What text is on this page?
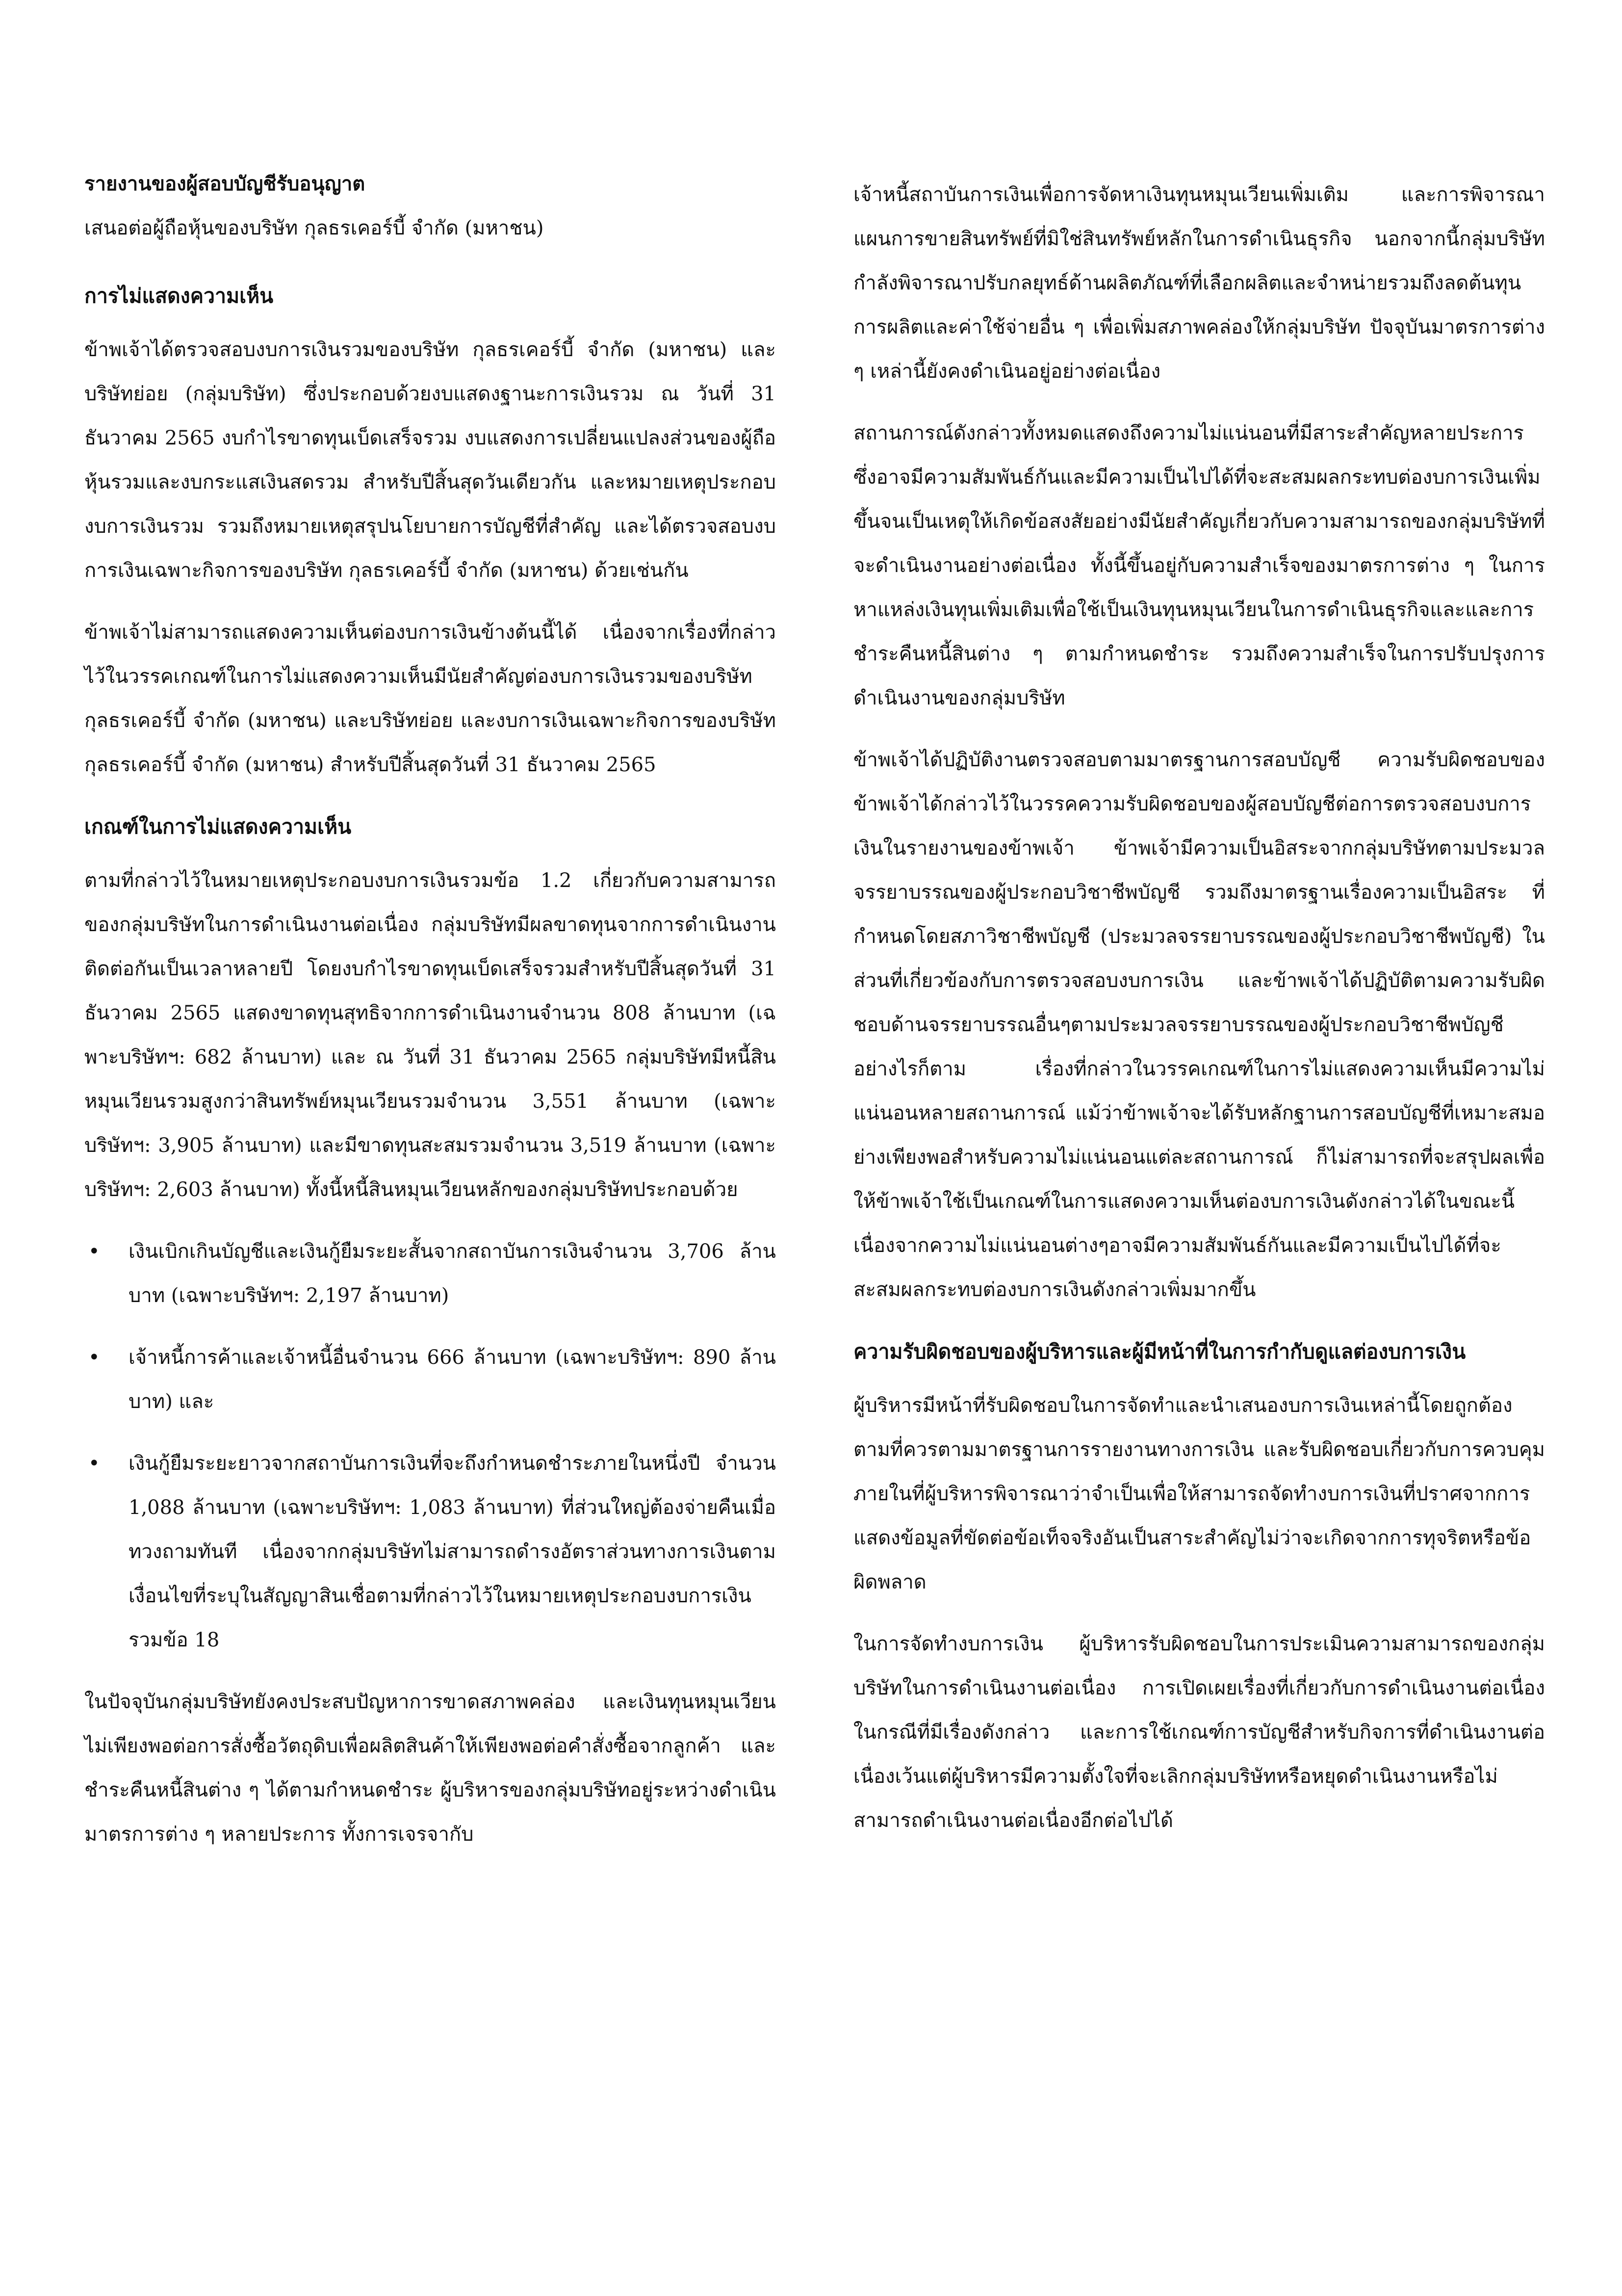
รายงานของผู้สอบบัญชีรับอนุญาต

เสนอต่อผู้ถือหุ้นของบริษัท กุลธรเคอร์บี้ จำกัด (มหาชน)

การไม่แสดงความเห็น

ข้าพเจ้าได้ตรวจสอบงบการเงินรวมของบริษัท กุลธรเคอร์บี้ จำกัด (มหาชน) และบริษัทย่อย (กลุ่มบริษัท) ซึ่งประกอบด้วยงบแสดงฐานะการเงินรวม ณ วันที่ 31 ธันวาคม 2565 งบกำไรขาดทุนเบ็ดเสร็จรวม งบแสดงการเปลี่ยนแปลงส่วนของผู้ถือหุ้นรวมและงบกระแสเงินสดรวม สำหรับปีสิ้นสุดวันเดียวกัน และหมายเหตุประกอบงบการเงินรวม รวมถึงหมายเหตุสรุปนโยบายการบัญชีที่สำคัญ และได้ตรวจสอบงบการเงินเฉพาะกิจการของบริษัท กุลธรเคอร์บี้ จำกัด (มหาชน) ด้วยเช่นกัน

ข้าพเจ้าไม่สามารถแสดงความเห็นต่องบการเงินข้างต้นนี้ได้ เนื่องจากเรื่องที่กล่าวไว้ในวรรคเกณฑ์ในการไม่แสดงความเห็นมีนัยสำคัญต่องบการเงินรวมของบริษัท กุลธรเคอร์บี้ จำกัด (มหาชน) และบริษัทย่อย และงบการเงินเฉพาะกิจการของบริษัท กุลธรเคอร์บี้ จำกัด (มหาชน) สำหรับปีสิ้นสุดวันที่ 31 ธันวาคม 2565

เกณฑ์ในการไม่แสดงความเห็น

ตามที่กล่าวไว้ในหมายเหตุประกอบงบการเงินรวมข้อ 1.2 เกี่ยวกับความสามารถของกลุ่มบริษัทในการดำเนินงานต่อเนื่อง กลุ่มบริษัทมีผลขาดทุนจากการดำเนินงานติดต่อกันเป็นเวลาหลายปี โดยงบกำไรขาดทุนเบ็ดเสร็จรวมสำหรับปีสิ้นสุดวันที่ 31 ธันวาคม 2565 แสดงขาดทุนสุทธิจากการดำเนินงานจำนวน 808 ล้านบาท (เฉพาะบริษัทฯ: 682 ล้านบาท) และ ณ วันที่ 31 ธันวาคม 2565 กลุ่มบริษัทมีหนี้สินหมุนเวียนรวมสูงกว่าสินทรัพย์หมุนเวียนรวมจำนวน 3,551 ล้านบาท (เฉพาะบริษัทฯ: 3,905 ล้านบาท) และมีขาดทุนสะสมรวมจำนวน 3,519 ล้านบาท (เฉพาะบริษัทฯ: 2,603 ล้านบาท) ทั้งนี้หนี้สินหมุนเวียนหลักของกลุ่มบริษัทประกอบด้วย

• เงินเบิกเกินบัญชีและเงินกู้ยืมระยะสั้นจากสถาบันการเงินจำนวน 3,706 ล้านบาท (เฉพาะบริษัทฯ: 2,197 ล้านบาท)
• เจ้าหนี้การค้าและเจ้าหนี้อื่นจำนวน 666 ล้านบาท (เฉพาะบริษัทฯ: 890 ล้านบาท) และ
• เงินกู้ยืมระยะยาวจากสถาบันการเงินที่จะถึงกำหนดชำระภายในหนึ่งปี จำนวน 1,088 ล้านบาท (เฉพาะบริษัทฯ: 1,083 ล้านบาท) ที่ส่วนใหญ่ต้องจ่ายคืนเมื่อทวงถามทันที เนื่องจากกลุ่มบริษัทไม่สามารถดำรงอัตราส่วนทางการเงินตามเงื่อนไขที่ระบุในสัญญาสินเชื่อตามที่กล่าวไว้ในหมายเหตุประกอบงบการเงินรวมข้อ 18

ในปัจจุบันกลุ่มบริษัทยังคงประสบปัญหาการขาดสภาพคล่อง และเงินทุนหมุนเวียนไม่เพียงพอต่อการสั่งซื้อวัตถุดิบเพื่อผลิตสินค้าให้เพียงพอต่อคำสั่งซื้อจากลูกค้า และชำระคืนหนี้สินต่าง ๆ ได้ตามกำหนดชำระ ผู้บริหารของกลุ่มบริษัทอยู่ระหว่างดำเนินมาตรการต่าง ๆ หลายประการ ทั้งการเจรจากับ

เจ้าหนี้สถาบันการเงินเพื่อการจัดหาเงินทุนหมุนเวียนเพิ่มเติม และการพิจารณาแผนการขายสินทรัพย์ที่มิใช่สินทรัพย์หลักในการดำเนินธุรกิจ นอกจากนี้กลุ่มบริษัทกำลังพิจารณาปรับกลยุทธ์ด้านผลิตภัณฑ์ที่เลือกผลิตและจำหน่ายรวมถึงลดต้นทุนการผลิตและค่าใช้จ่ายอื่น ๆ เพื่อเพิ่มสภาพคล่องให้กลุ่มบริษัท ปัจจุบันมาตรการต่าง ๆ เหล่านี้ยังคงดำเนินอยู่อย่างต่อเนื่อง

สถานการณ์ดังกล่าวทั้งหมดแสดงถึงความไม่แน่นอนที่มีสาระสำคัญหลายประการซึ่งอาจมีความสัมพันธ์กันและมีความเป็นไปได้ที่จะสะสมผลกระทบต่องบการเงินเพิ่มขึ้นจนเป็นเหตุให้เกิดข้อสงสัยอย่างมีนัยสำคัญเกี่ยวกับความสามารถของกลุ่มบริษัทที่จะดำเนินงานอย่างต่อเนื่อง ทั้งนี้ขึ้นอยู่กับความสำเร็จของมาตรการต่าง ๆ ในการหาแหล่งเงินทุนเพิ่มเติมเพื่อใช้เป็นเงินทุนหมุนเวียนในการดำเนินธุรกิจและและการชำระคืนหนี้สินต่าง ๆ ตามกำหนดชำระ รวมถึงความสำเร็จในการปรับปรุงการดำเนินงานของกลุ่มบริษัท

ข้าพเจ้าได้ปฏิบัติงานตรวจสอบตามมาตรฐานการสอบบัญชี ความรับผิดชอบของข้าพเจ้าได้กล่าวไว้ในวรรคความรับผิดชอบของผู้สอบบัญชีต่อการตรวจสอบงบการเงินในรายงานของข้าพเจ้า ข้าพเจ้ามีความเป็นอิสระจากกลุ่มบริษัทตามประมวลจรรยาบรรณของผู้ประกอบวิชาชีพบัญชี รวมถึงมาตรฐานเรื่องความเป็นอิสระ ที่กำหนดโดยสภาวิชาชีพบัญชี (ประมวลจรรยาบรรณของผู้ประกอบวิชาชีพบัญชี) ในส่วนที่เกี่ยวข้องกับการตรวจสอบงบการเงิน และข้าพเจ้าได้ปฏิบัติตามความรับผิดชอบด้านจรรยาบรรณอื่นๆตามประมวลจรรยาบรรณของผู้ประกอบวิชาชีพบัญชี อย่างไรก็ตาม เรื่องที่กล่าวในวรรคเกณฑ์ในการไม่แสดงความเห็นมีความไม่แน่นอนหลายสถานการณ์ แม้ว่าข้าพเจ้าจะได้รับหลักฐานการสอบบัญชีที่เหมาะสมอย่างเพียงพอสำหรับความไม่แน่นอนแต่ละสถานการณ์ ก็ไม่สามารถที่จะสรุปผลเพื่อให้ข้าพเจ้าใช้เป็นเกณฑ์ในการแสดงความเห็นต่องบการเงินดังกล่าวได้ในขณะนี้เนื่องจากความไม่แน่นอนต่างๆอาจมีความสัมพันธ์กันและมีความเป็นไปได้ที่จะสะสมผลกระทบต่องบการเงินดังกล่าวเพิ่มมากขึ้น

ความรับผิดชอบของผู้บริหารและผู้มีหน้าที่ในการกำกับดูแลต่องบการเงิน

ผู้บริหารมีหน้าที่รับผิดชอบในการจัดทำและนำเสนองบการเงินเหล่านี้โดยถูกต้องตามที่ควรตามมาตรฐานการรายงานทางการเงิน และรับผิดชอบเกี่ยวกับการควบคุมภายในที่ผู้บริหารพิจารณาว่าจำเป็นเพื่อให้สามารถจัดทำงบการเงินที่ปราศจากการแสดงข้อมูลที่ขัดต่อข้อเท็จจริงอันเป็นสาระสำคัญไม่ว่าจะเกิดจากการทุจริตหรือข้อผิดพลาด

ในการจัดทำงบการเงิน ผู้บริหารรับผิดชอบในการประเมินความสามารถของกลุ่มบริษัทในการดำเนินงานต่อเนื่อง การเปิดเผยเรื่องที่เกี่ยวกับการดำเนินงานต่อเนื่องในกรณีที่มีเรื่องดังกล่าว และการใช้เกณฑ์การบัญชีสำหรับกิจการที่ดำเนินงานต่อเนื่องเว้นแต่ผู้บริหารมีความตั้งใจที่จะเลิกกลุ่มบริษัทหรือหยุดดำเนินงานหรือไม่สามารถดำเนินงานต่อเนื่องอีกต่อไปได้
